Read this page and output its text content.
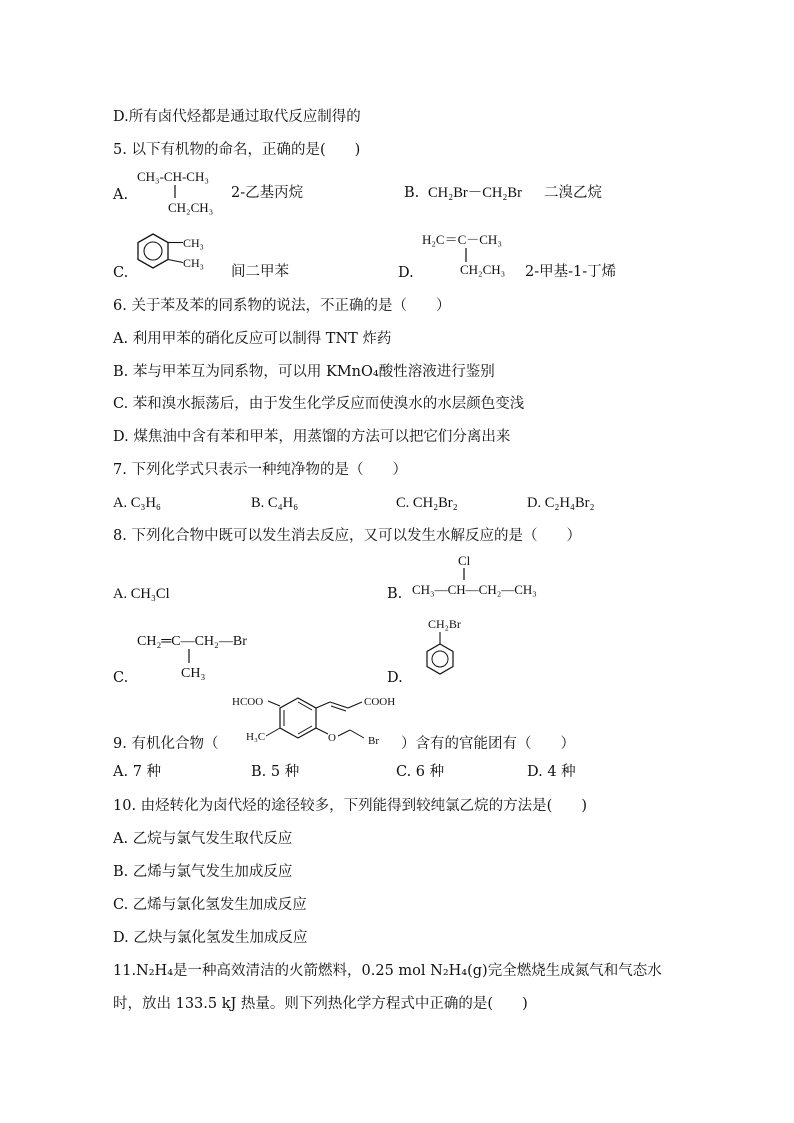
D.所有卤代烃都是通过取代反应制得的
5. 以下有机物的命名，正确的是(　　)
A.
CH₃-CH-CH₃
CH₂CH₃
2-乙基丙烷	B. CH₂Br－CH₂Br 二溴乙烷
C.
CH₃
CH₃
间二甲苯	D.
H₂C＝C－CH₃
CH₂CH₃ 2-甲基-1-丁烯
6. 关于苯及苯的同系物的说法，不正确的是（　　）
A. 利用甲苯的硝化反应可以制得 TNT 炸药
B. 苯与甲苯互为同系物，可以用 KMnO₄酸性溶液进行鉴别
C. 苯和溴水振荡后，由于发生化学反应而使溴水的水层颜色变浅
D. 煤焦油中含有苯和甲苯，用蒸馏的方法可以把它们分离出来
7. 下列化学式只表示一种纯净物的是（　　）
A. C₃H₆	B. C₄H₆	C. CH₂Br₂	D. C₂H₄Br₂
8. 下列化合物中既可以发生消去反应，又可以发生水解反应的是（　　）
A. CH₃Cl	B.
Cl
CH₃—CH—CH₂—CH₃
C.
CH₂═C—CH₂—Br
CH₃	D.
CH₂Br
9. 有机化合物（
HCOO
H₃C
COOH
O	Br ）含有的官能团有（　　）
A. 7 种	B. 5 种	C. 6 种	D. 4 种
10. 由烃转化为卤代烃的途径较多，下列能得到较纯氯乙烷的方法是(　　)
A. 乙烷与氯气发生取代反应
B. 乙烯与氯气发生加成反应
C. 乙烯与氯化氢发生加成反应
D. 乙炔与氯化氢发生加成反应
11.N₂H₄是一种高效清洁的火箭燃料，0.25 mol N₂H₄(g)完全燃烧生成氮气和气态水
时，放出 133.5 kJ 热量。则下列热化学方程式中正确的是(　　)
